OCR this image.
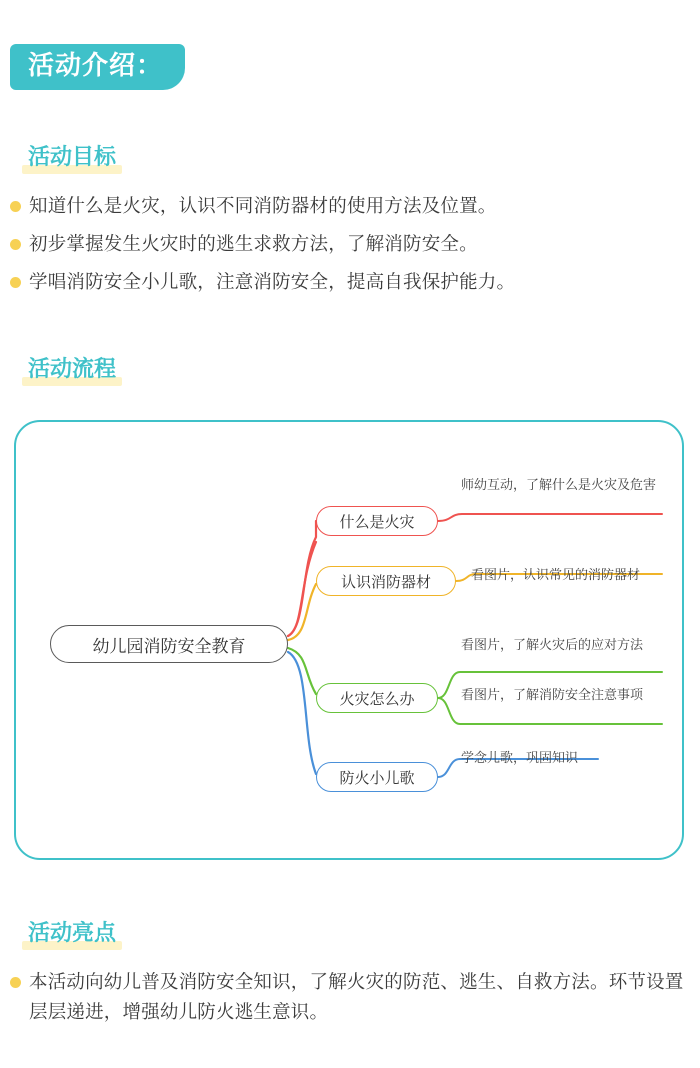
活动介绍：
活动目标
知道什么是火灾，认识不同消防器材的使用方法及位置。
初步掌握发生火灾时的逃生求救方法，了解消防安全。
学唱消防安全小儿歌，注意消防安全，提高自我保护能力。
活动流程
幼儿园消防安全教育
什么是火灾
认识消防器材
火灾怎么办
防火小儿歌
师幼互动，了解什么是火灾及危害
看图片，认识常见的消防器材
看图片，了解火灾后的应对方法
看图片，了解消防安全注意事项
学念儿歌，巩固知识
活动亮点
本活动向幼儿普及消防安全知识，了解火灾的防范、逃生、自救方法。环节设置层层递进，增强幼儿防火逃生意识。
